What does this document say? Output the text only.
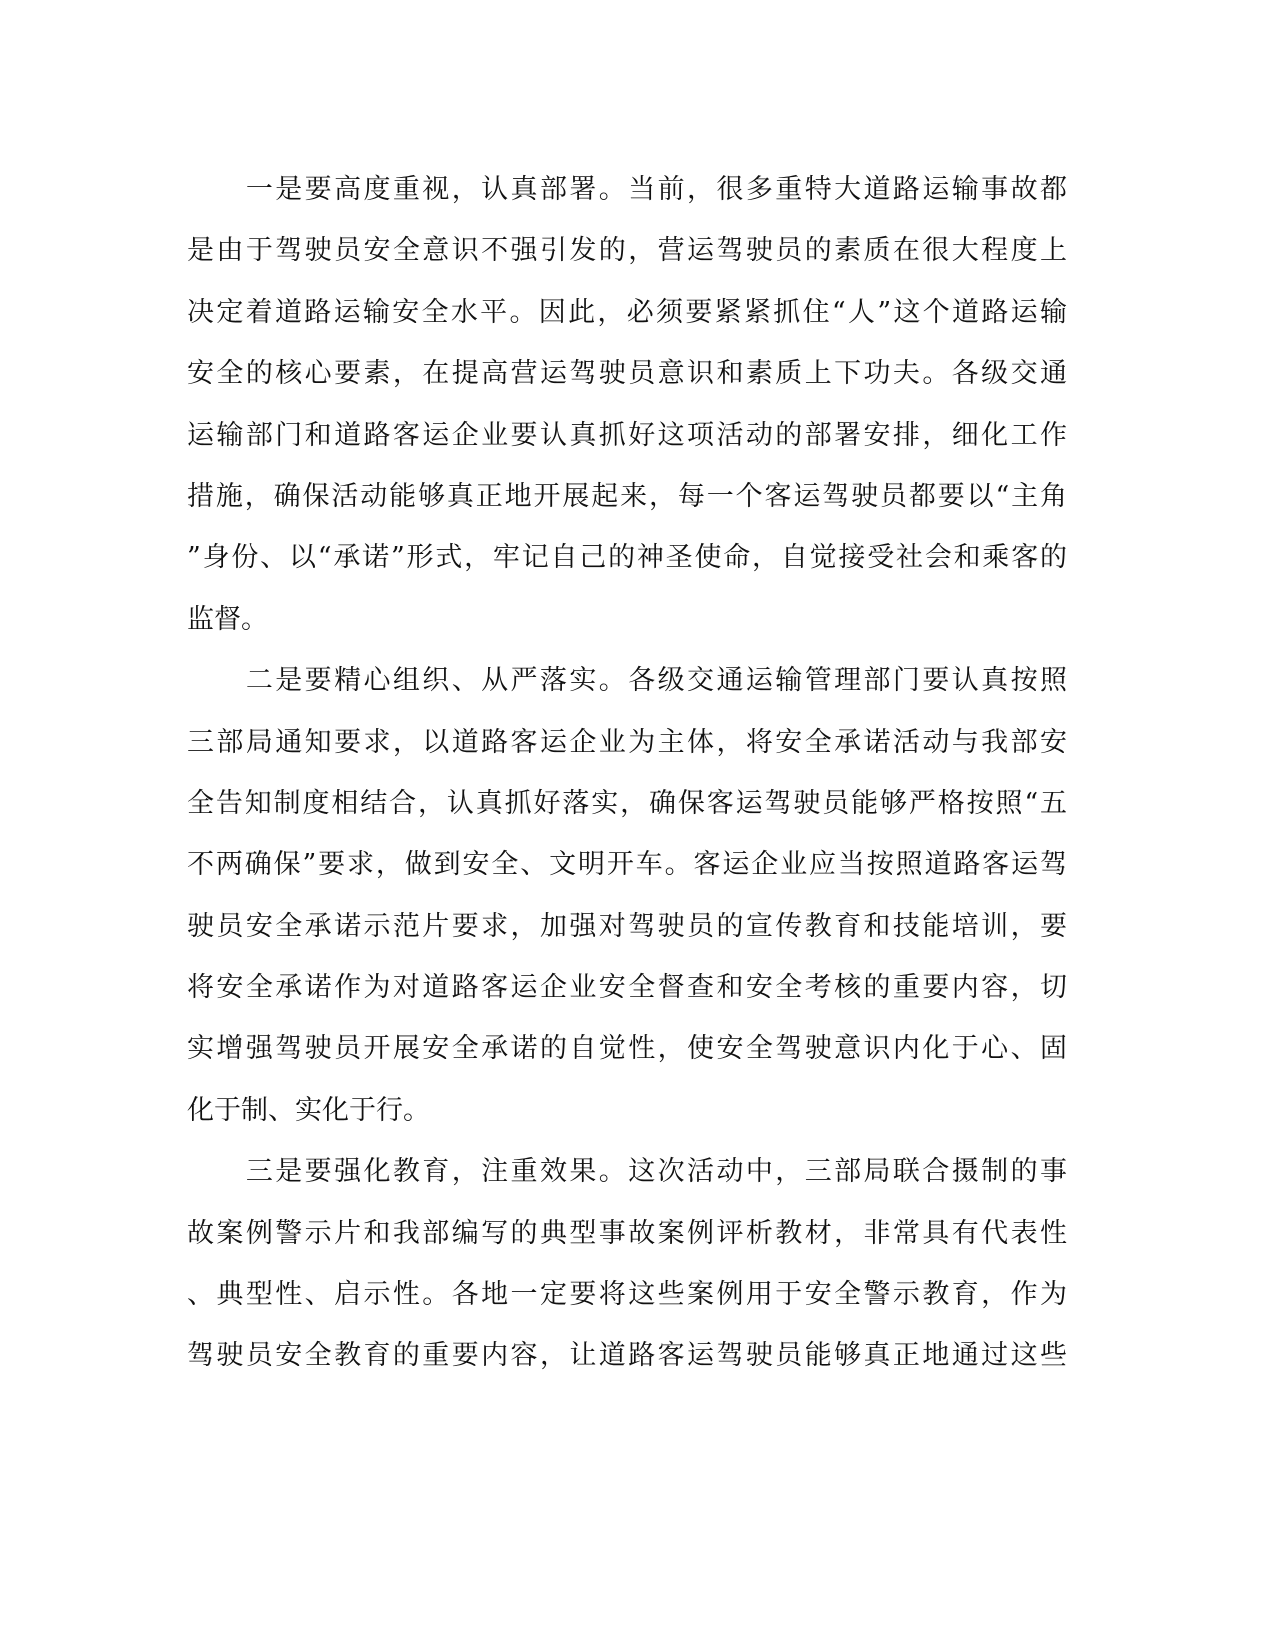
　　一是要高度重视，认真部署。当前，很多重特大道路运输事故都
是由于驾驶员安全意识不强引发的，营运驾驶员的素质在很大程度上
决定着道路运输安全水平。因此，必须要紧紧抓住“人”这个道路运输
安全的核心要素，在提高营运驾驶员意识和素质上下功夫。各级交通
运输部门和道路客运企业要认真抓好这项活动的部署安排，细化工作
措施，确保活动能够真正地开展起来，每一个客运驾驶员都要以“主角
”身份、以“承诺”形式，牢记自己的神圣使命，自觉接受社会和乘客的
监督。
　　二是要精心组织、从严落实。各级交通运输管理部门要认真按照
三部局通知要求，以道路客运企业为主体，将安全承诺活动与我部安
全告知制度相结合，认真抓好落实，确保客运驾驶员能够严格按照“五
不两确保”要求，做到安全、文明开车。客运企业应当按照道路客运驾
驶员安全承诺示范片要求，加强对驾驶员的宣传教育和技能培训，要
将安全承诺作为对道路客运企业安全督查和安全考核的重要内容，切
实增强驾驶员开展安全承诺的自觉性，使安全驾驶意识内化于心、固
化于制、实化于行。
　　三是要强化教育，注重效果。这次活动中，三部局联合摄制的事
故案例警示片和我部编写的典型事故案例评析教材，非常具有代表性
、典型性、启示性。各地一定要将这些案例用于安全警示教育，作为
驾驶员安全教育的重要内容，让道路客运驾驶员能够真正地通过这些
